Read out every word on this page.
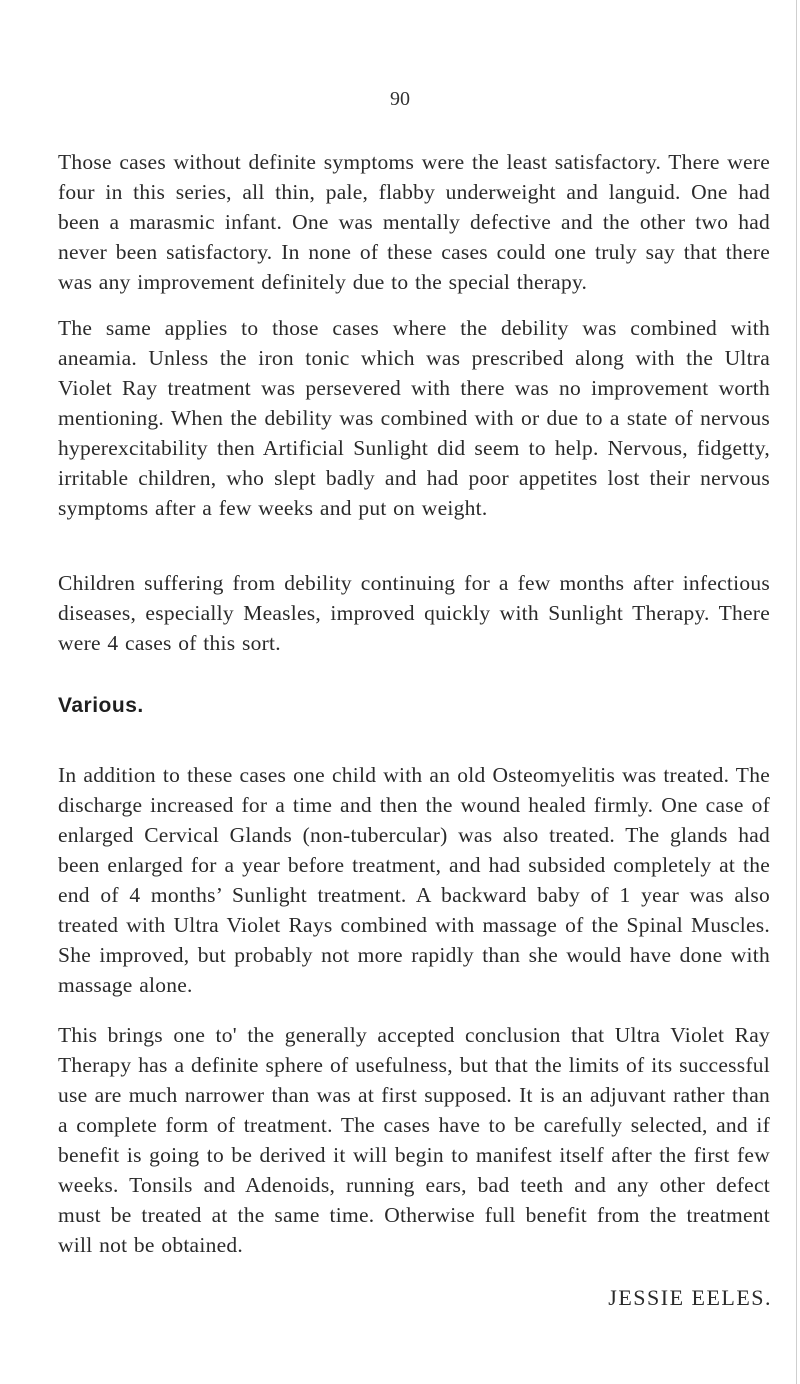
90

Those cases without definite symptoms were the least satisfactory. There were four in this series, all thin, pale, flabby underweight and languid. One had been a marasmic infant. One was mentally defective and the other two had never been satisfactory. In none of these cases could one truly say that there was any improvement definitely due to the special therapy.

The same applies to those cases where the debility was combined with aneamia. Unless the iron tonic which was prescribed along with the Ultra Violet Ray treatment was persevered with there was no improvement worth mentioning. When the debility was combined with or due to a state of nervous hyperexcitability then Artificial Sunlight did seem to help. Nervous, fidgetty, irritable children, who slept badly and had poor appetites lost their nervous symptoms after a few weeks and put on weight.

Children suffering from debility continuing for a few months after infectious diseases, especially Measles, improved quickly with Sunlight Therapy. There were 4 cases of this sort.

Various.

In addition to these cases one child with an old Osteomyelitis was treated. The discharge increased for a time and then the wound healed firmly. One case of enlarged Cervical Glands (non-tubercular) was also treated. The glands had been enlarged for a year before treatment, and had subsided completely at the end of 4 months’ Sunlight treatment. A backward baby of 1 year was also treated with Ultra Violet Rays combined with massage of the Spinal Muscles. She improved, but probably not more rapidly than she would have done with massage alone.

This brings one to' the generally accepted conclusion that Ultra Violet Ray Therapy has a definite sphere of usefulness, but that the limits of its successful use are much narrower than was at first supposed. It is an adjuvant rather than a complete form of treatment. The cases have to be carefully selected, and if benefit is going to be derived it will begin to manifest itself after the first few weeks. Tonsils and Adenoids, running ears, bad teeth and any other defect must be treated at the same time. Otherwise full benefit from the treatment will not be obtained.

JESSIE EELES.
